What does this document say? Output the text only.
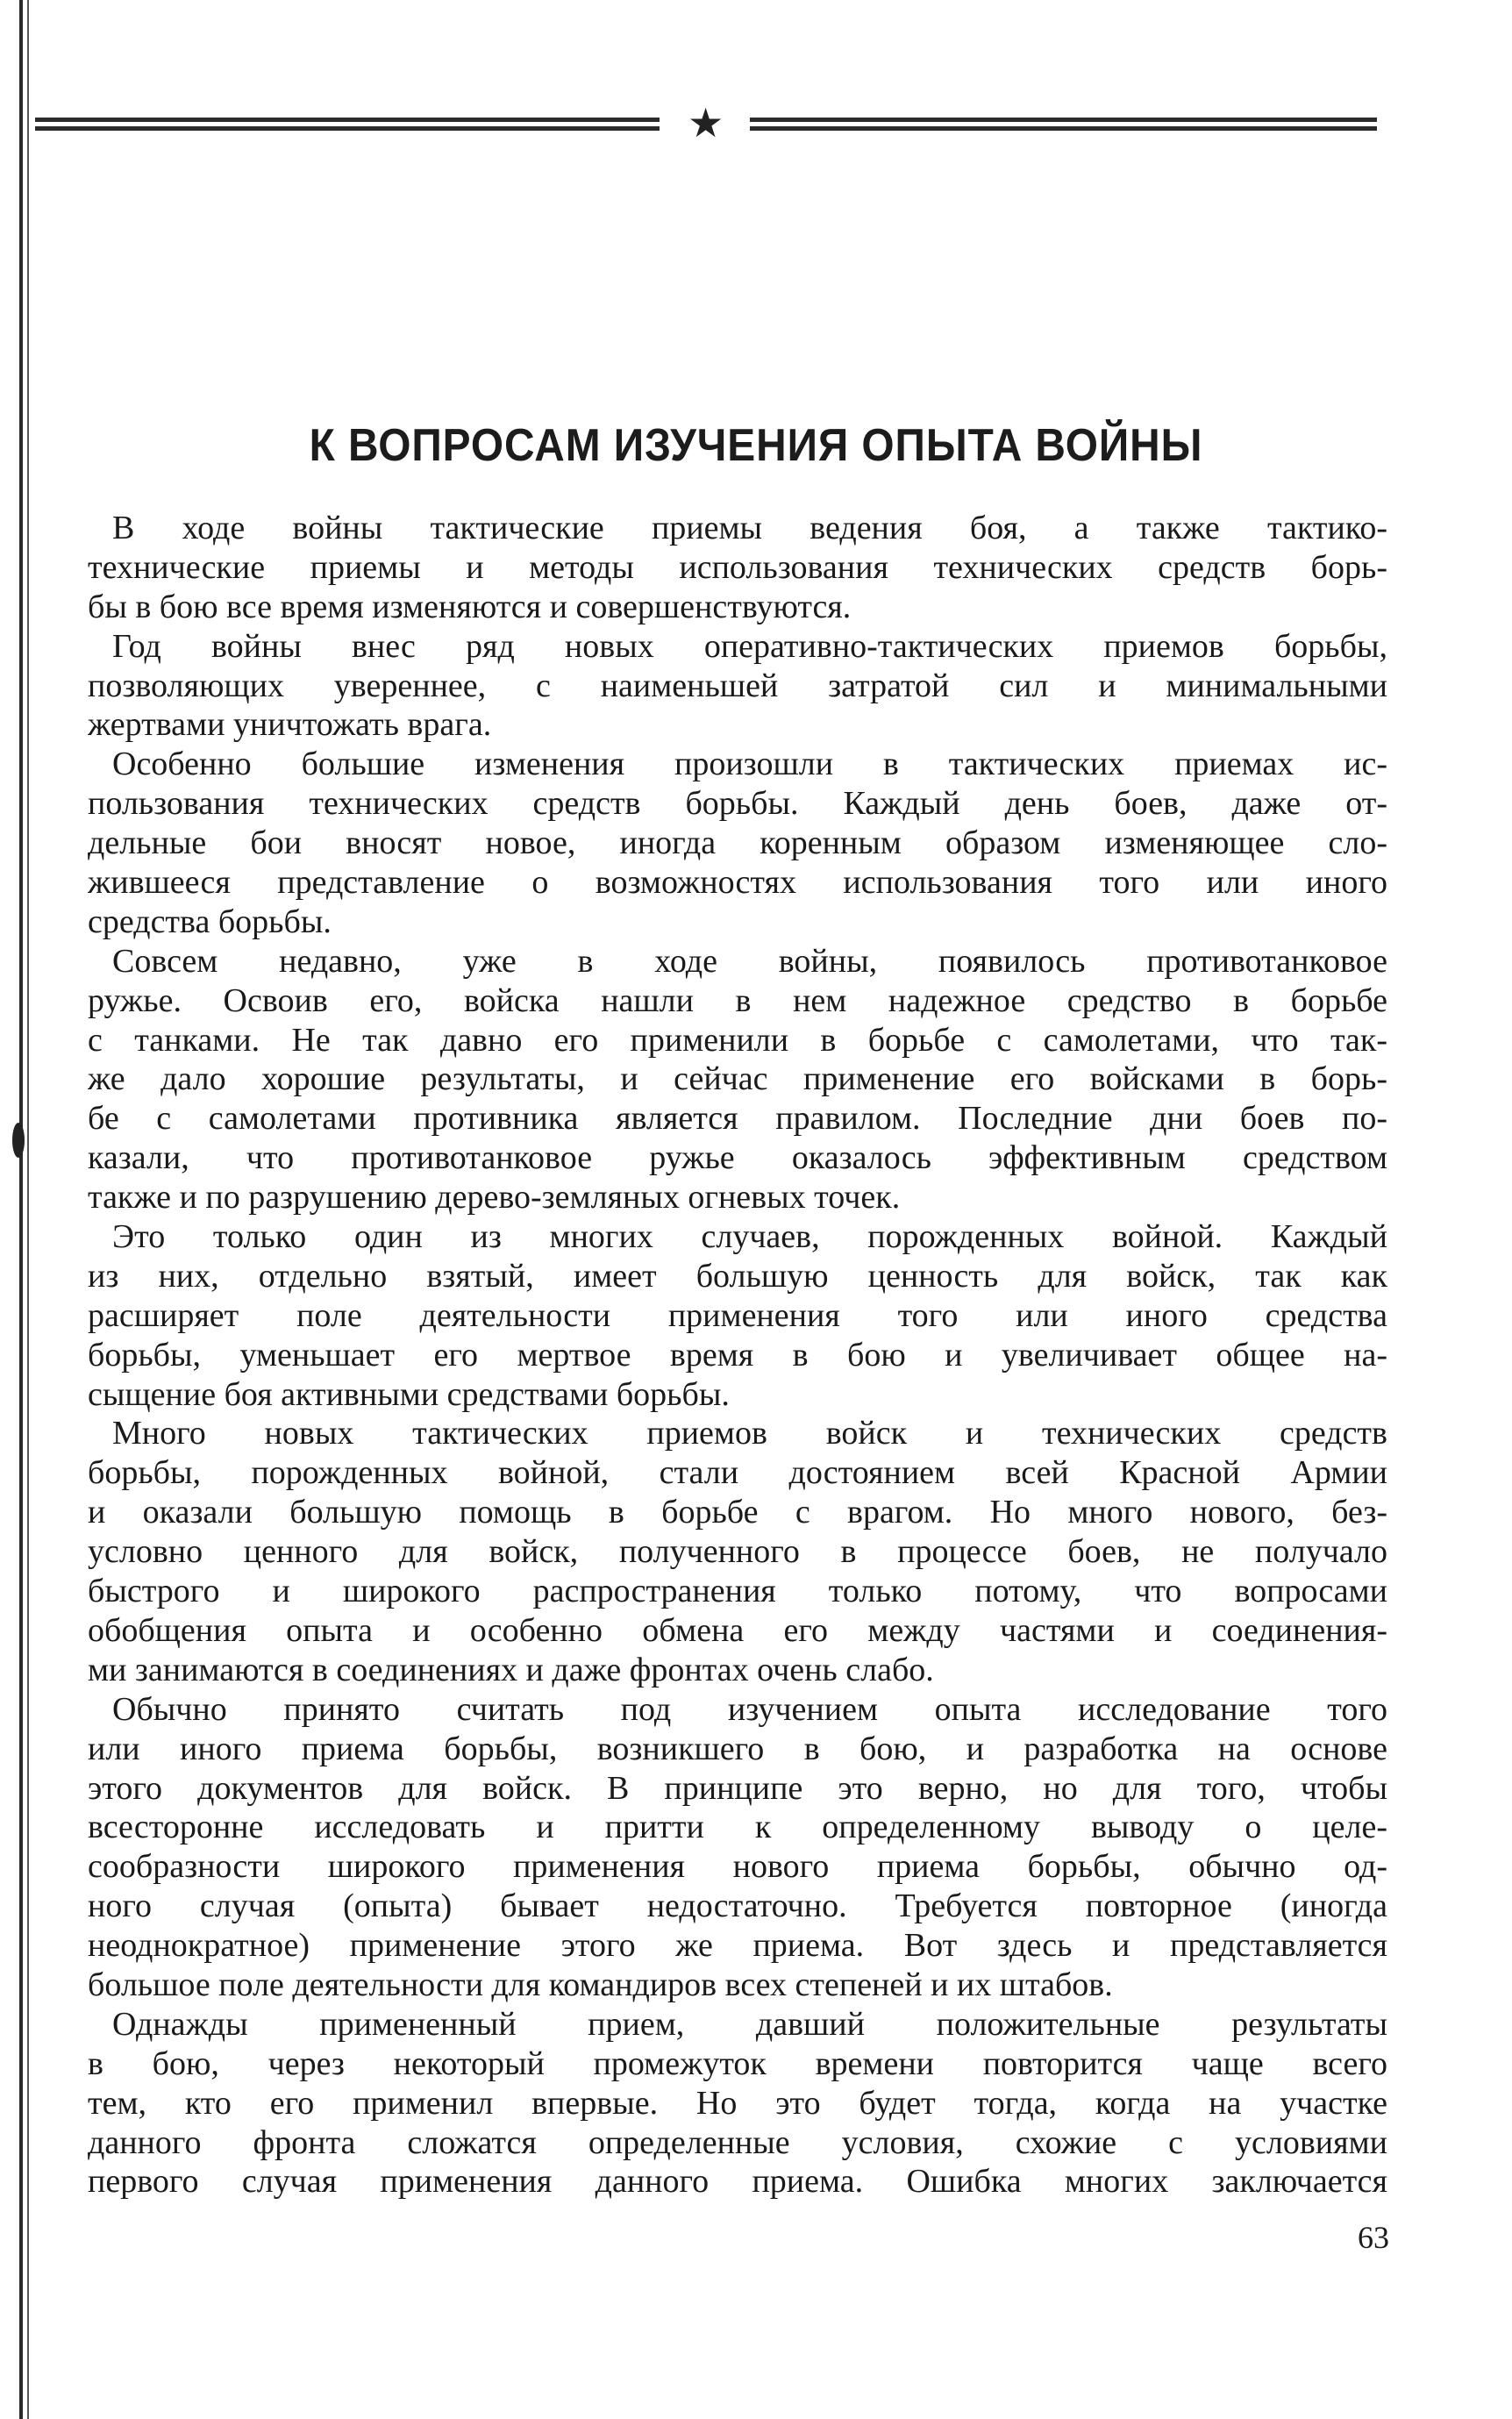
★
К ВОПРОСАМ ИЗУЧЕНИЯ ОПЫТА ВОЙНЫ
В ходе войны тактические приемы ведения боя, а также тактико-
технические приемы и методы использования технических средств борь-
бы в бою все время изменяются и совершенствуются.
Год войны внес ряд новых оперативно-тактических приемов борьбы,
позволяющих увереннее, с наименьшей затратой сил и минимальными
жертвами уничтожать врага.
Особенно большие изменения произошли в тактических приемах ис-
пользования технических средств борьбы. Каждый день боев, даже от-
дельные бои вносят новое, иногда коренным образом изменяющее сло-
жившееся представление о возможностях использования того или иного
средства борьбы.
Совсем недавно, уже в ходе войны, появилось противотанковое
ружье. Освоив его, войска нашли в нем надежное средство в борьбе
с танками. Не так давно его применили в борьбе с самолетами, что так-
же дало хорошие результаты, и сейчас применение его войсками в борь-
бе с самолетами противника является правилом. Последние дни боев по-
казали, что противотанковое ружье оказалось эффективным средством
также и по разрушению дерево-земляных огневых точек.
Это только один из многих случаев, порожденных войной. Каждый
из них, отдельно взятый, имеет большую ценность для войск, так как
расширяет поле деятельности применения того или иного средства
борьбы, уменьшает его мертвое время в бою и увеличивает общее на-
сыщение боя активными средствами борьбы.
Много новых тактических приемов войск и технических средств
борьбы, порожденных войной, стали достоянием всей Красной Армии
и оказали большую помощь в борьбе с врагом. Но много нового, без-
условно ценного для войск, полученного в процессе боев, не получало
быстрого и широкого распространения только потому, что вопросами
обобщения опыта и особенно обмена его между частями и соединения-
ми занимаются в соединениях и даже фронтах очень слабо.
Обычно принято считать под изучением опыта исследование того
или иного приема борьбы, возникшего в бою, и разработка на основе
этого документов для войск. В принципе это верно, но для того, чтобы
всесторонне исследовать и притти к определенному выводу о целе-
сообразности широкого применения нового приема борьбы, обычно од-
ного случая (опыта) бывает недостаточно. Требуется повторное (иногда
неоднократное) применение этого же приема. Вот здесь и представляется
большое поле деятельности для командиров всех степеней и их штабов.
Однажды примененный прием, давший положительные результаты
в бою, через некоторый промежуток времени повторится чаще всего
тем, кто его применил впервые. Но это будет тогда, когда на участке
данного фронта сложатся определенные условия, схожие с условиями
первого случая применения данного приема. Ошибка многих заключается
63
